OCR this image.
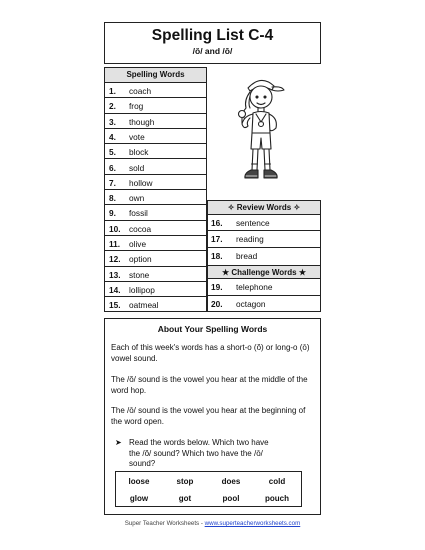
Spelling List C-4
/ŏ/ and /ō/
Spelling Words
1. coach
2. frog
3. though
4. vote
5. block
6. sold
7. hollow
8. own
9. fossil
10. cocoa
11. olive
12. option
13. stone
14. lollipop
15. oatmeal
✧ Review Words ✧
16. sentence
17. reading
18. bread
★ Challenge Words ★
19. telephone
20. octagon
About Your Spelling Words

Each of this week's words has a short-o (ŏ) or long-o (ō) vowel sound.

The /ŏ/ sound is the vowel you hear at the middle of the word hop.

The /ō/ sound is the vowel you hear at the beginning of the word open.

➤ Read the words below. Which two have the /ŏ/ sound? Which two have the /ō/ sound?

loose	stop	does	cold
glow	got	pool	pouch
Super Teacher Worksheets - www.superteacherworksheets.com
